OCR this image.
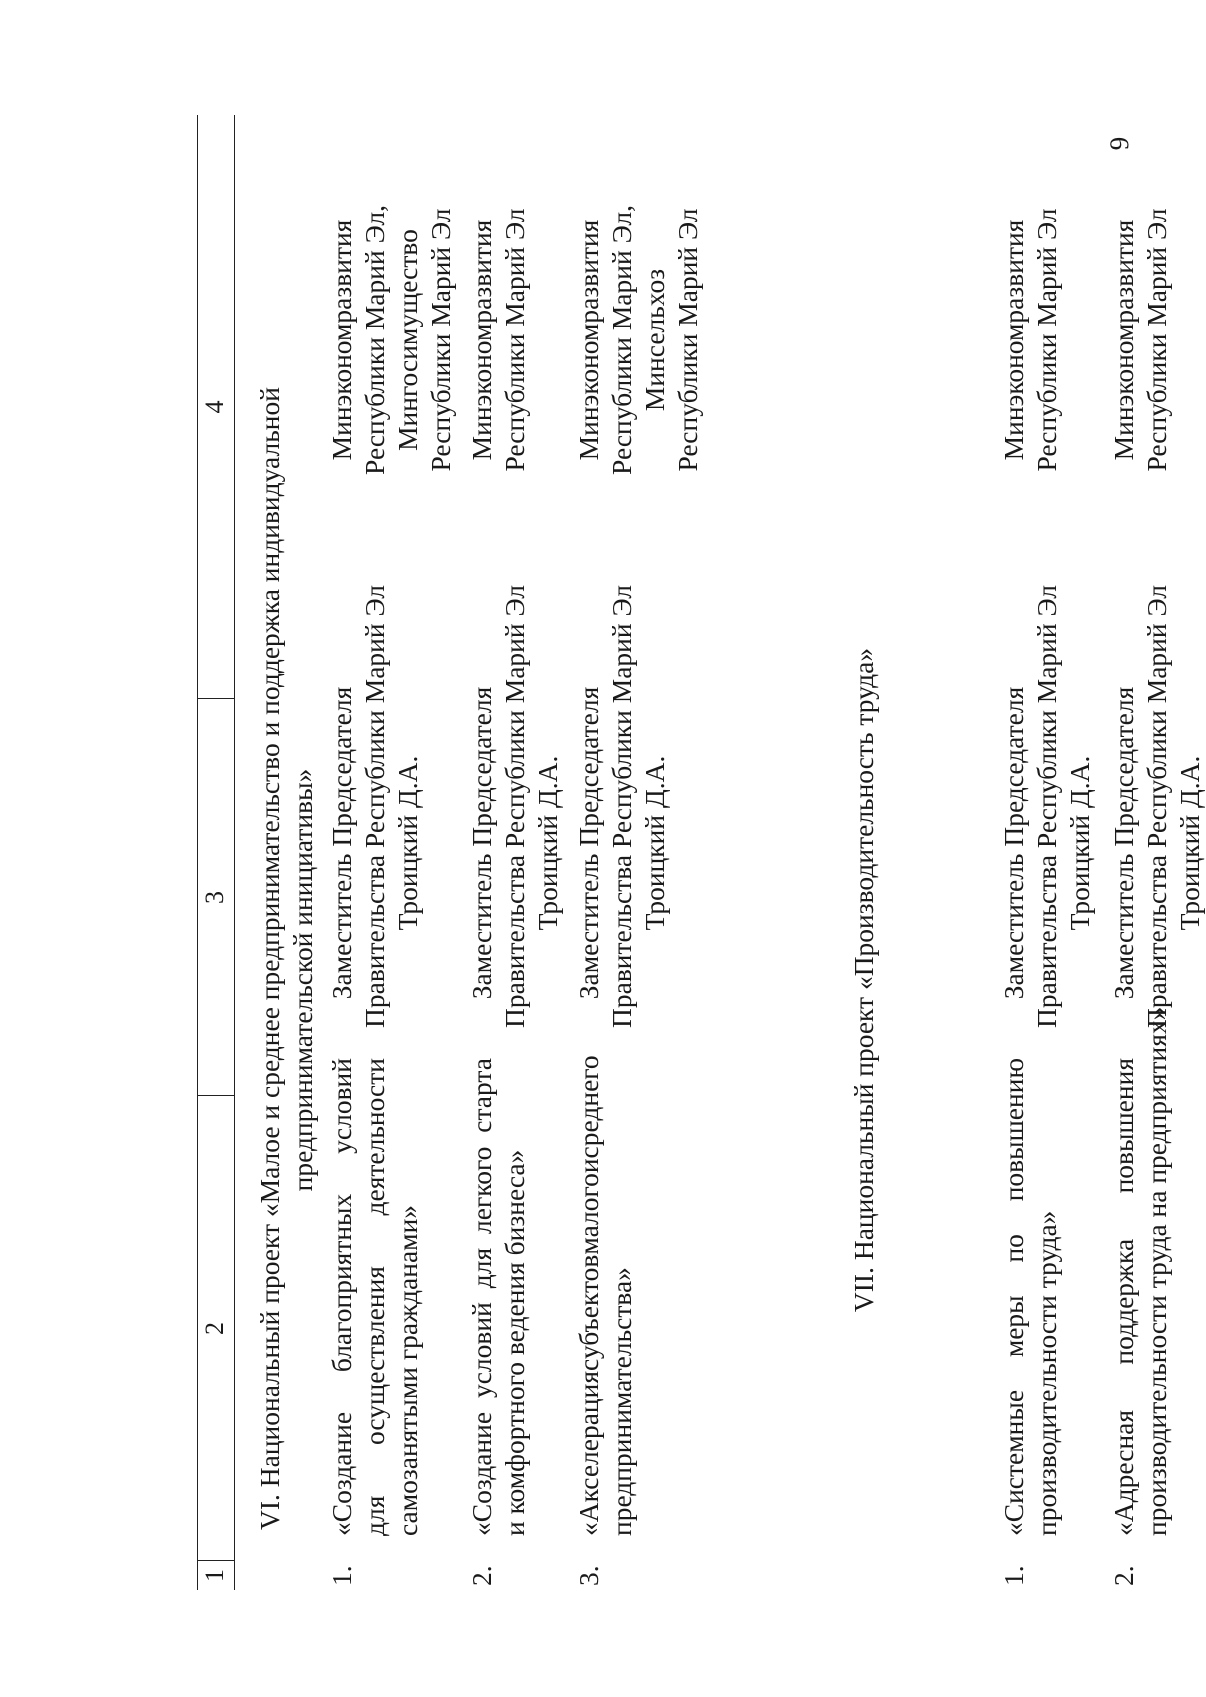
6
1
2
3
4 VI. Национальный проект «Малое и среднее предпринимательство и поддержка индивидуальной предпринимательской инициативы»
1.
«Создание
благоприятных
условий
для
осуществления
деятельности
самозанятыми гражданами»
Заместитель Председателя Правительства Республики Марий Эл Троицкий Д.А.
Минэкономразвития Республики Марий Эл, Мингосимущество Республики Марий Эл
2.
«Создание
условий
для
легкого
старта
и комфортного ведения бизнеса»
Заместитель Председателя Правительства Республики Марий Эл Троицкий Д.А.
Минэкономразвития Республики Марий Эл
3.
«Акселерация
субъектов
малого
и
среднего
предпринимательства»
Заместитель Председателя Правительства Республики Марий Эл Троицкий Д.А.
Минэкономразвития Республики Марий Эл, Минсельхоз Республики Марий Эл
VII. Национальный проект «Производительность труда»
1.
«Системные
меры
по
повышению
производительности труда»
Заместитель Председателя Правительства Республики Марий Эл Троицкий Д.А.
Минэкономразвития Республики Марий Эл
2.
«Адресная
поддержка
повышения производительности труда на предприятиях»
Заместитель Председателя Правительства Республики Марий Эл Троицкий Д.А.
Минэкономразвития Республики Марий Эл
